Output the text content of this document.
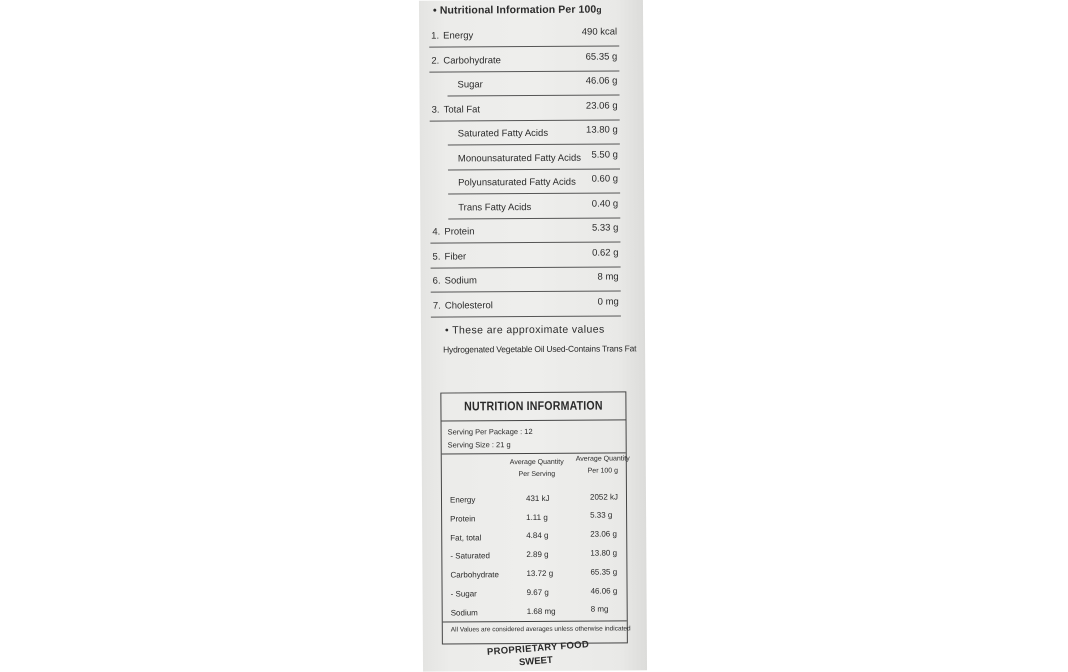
• Nutritional Information Per 100g
1. Energy	490 kcal
2. Carbohydrate	65.35 g
Sugar	46.06 g
3. Total Fat	23.06 g
Saturated Fatty Acids	13.80 g
Monounsaturated Fatty Acids 5.50 g
Polyunsaturated Fatty Acids 0.60 g
Trans Fatty Acids	0.40 g
4. Protein	5.33 g
5. Fiber	0.62 g
6. Sodium	8 mg
7. Cholesterol	0 mg
• These are approximate values
Hydrogenated Vegetable Oil Used-Contains Trans Fat
NUTRITION INFORMATION
Serving Per Package : 12
Serving Size : 21 g
Average Quantity
Per Serving
Average Quantity
Per 100 g
Energy	431 kJ	2052 kJ
Protein	1.11 g	5.33 g
Fat, total	4.84 g	23.06 g
- Saturated	2.89 g	13.80 g
Carbohydrate	13.72 g	65.35 g
- Sugar	9.67 g	46.06 g
Sodium	1.68 mg	8 mg
All Values are considered averages unless otherwise indicated
PROPRIETARY FOOD
SWEET
